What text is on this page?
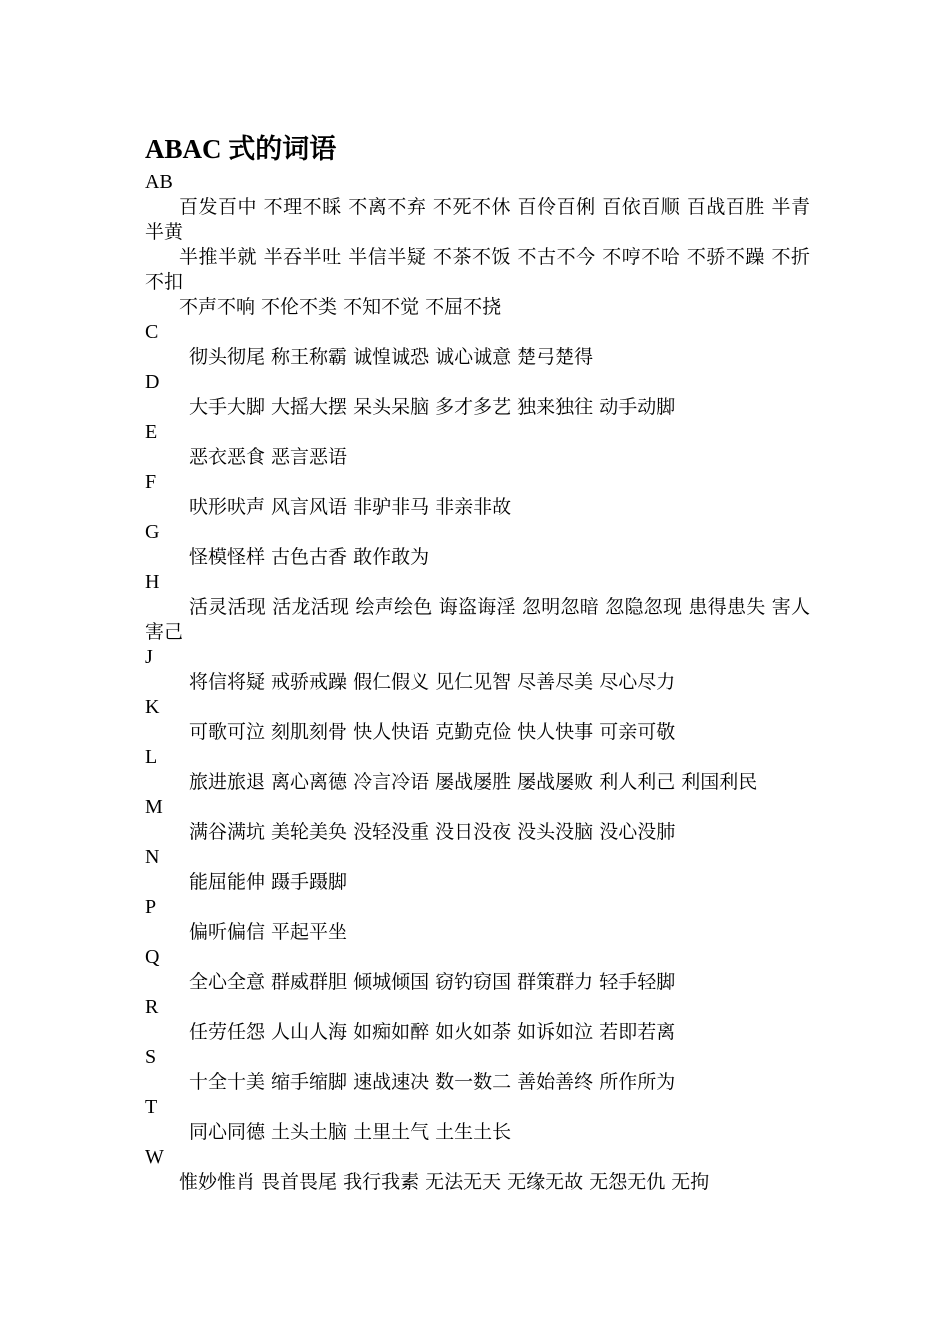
ABAC 式的词语
AB
百发百中 不理不睬 不离不弃 不死不休 百伶百俐 百依百顺 百战百胜 半青半黄
半推半就 半吞半吐 半信半疑 不茶不饭 不古不今 不哼不哈 不骄不躁 不折不扣
不声不响 不伦不类 不知不觉 不屈不挠
C
彻头彻尾 称王称霸 诚惶诚恐 诚心诚意 楚弓楚得
D
大手大脚 大摇大摆 呆头呆脑 多才多艺 独来独往 动手动脚
E
恶衣恶食 恶言恶语
F
吠形吠声 风言风语 非驴非马 非亲非故
G
怪模怪样 古色古香 敢作敢为
H
活灵活现 活龙活现 绘声绘色 诲盗诲淫 忽明忽暗 忽隐忽现 患得患失 害人害己
J
将信将疑 戒骄戒躁 假仁假义 见仁见智 尽善尽美 尽心尽力
K
可歌可泣 刻肌刻骨 快人快语 克勤克俭 快人快事 可亲可敬
L
旅进旅退 离心离德 冷言冷语 屡战屡胜 屡战屡败 利人利己 利国利民
M
满谷满坑 美轮美奂 没轻没重 没日没夜 没头没脑 没心没肺
N
能屈能伸 蹑手蹑脚
P
偏听偏信 平起平坐
Q
全心全意 群威群胆 倾城倾国 窃钓窃国 群策群力 轻手轻脚
R
任劳任怨 人山人海 如痴如醉 如火如荼 如诉如泣 若即若离
S
十全十美 缩手缩脚 速战速决 数一数二 善始善终 所作所为
T
同心同德 土头土脑 土里土气 土生土长
W
惟妙惟肖 畏首畏尾 我行我素 无法无天 无缘无故 无怨无仇 无拘
